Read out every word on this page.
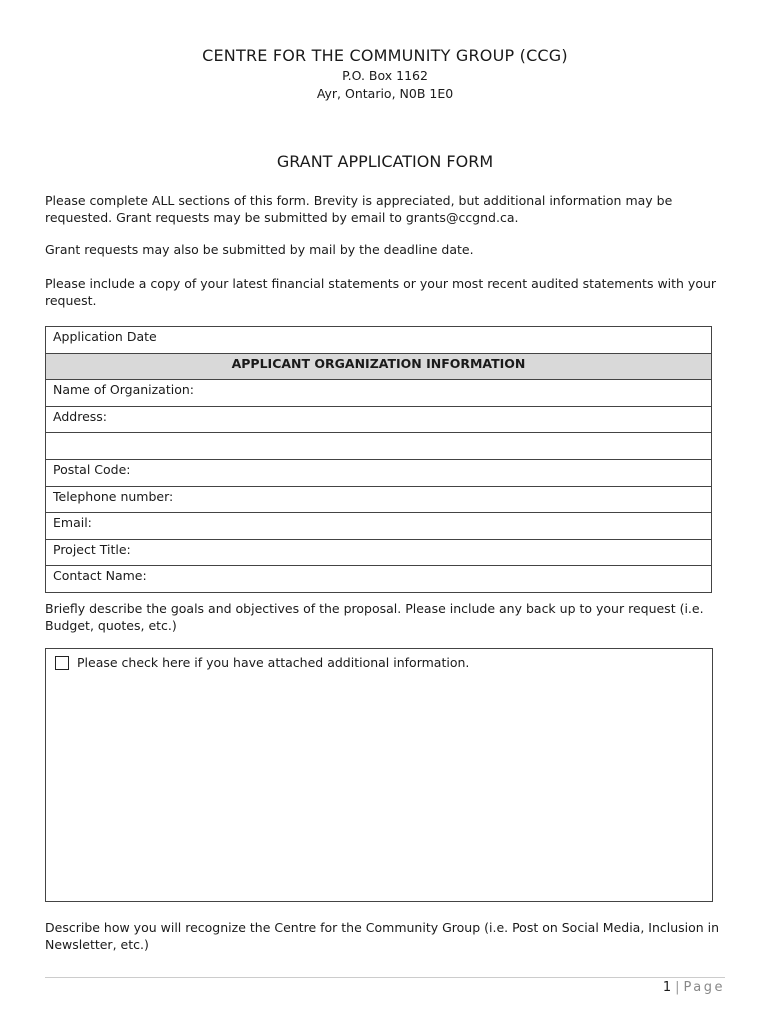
CENTRE FOR THE COMMUNITY GROUP (CCG)
P.O. Box 1162
Ayr, Ontario, N0B 1E0
GRANT APPLICATION FORM
Please complete ALL sections of this form. Brevity is appreciated, but additional information may be requested. Grant requests may be submitted by email to grants@ccgnd.ca.
Grant requests may also be submitted by mail by the deadline date.
Please include a copy of your latest financial statements or your most recent audited statements with your request.
Application Date
APPLICANT ORGANIZATION INFORMATION
Name of Organization:
Address:

Postal Code:
Telephone number:
Email:
Project Title:
Contact Name:
Briefly describe the goals and objectives of the proposal. Please include any back up to your request (i.e. Budget, quotes, etc.)
Please check here if you have attached additional information.
Describe how you will recognize the Centre for the Community Group (i.e. Post on Social Media, Inclusion in Newsletter, etc.)
1 | Page
